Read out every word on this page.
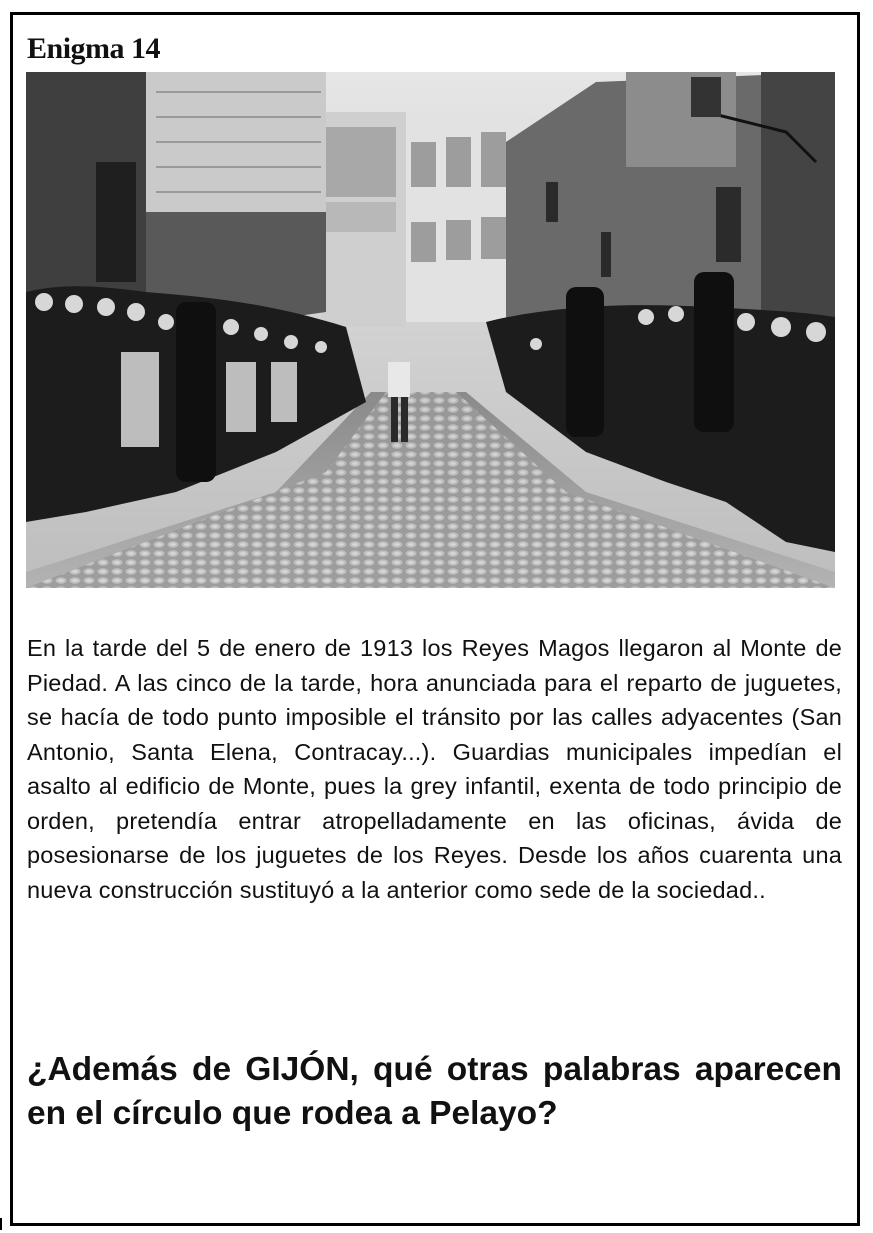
Enigma 14
En la tarde del 5 de enero de 1913 los Reyes Magos llegaron al Monte de Piedad. A las cinco de la tarde, hora anunciada para el reparto de juguetes, se hacía de todo punto imposible el tránsito por las calles adyacentes (San Antonio, Santa Elena, Contracay...). Guardias municipales impedían el asalto al edificio de Monte, pues la grey infantil, exenta de todo principio de orden, pretendía entrar atropelladamente en las oficinas, ávida de posesionarse de los juguetes de los Reyes. Desde los años cuarenta una nueva construcción sustituyó a la anterior como sede de la sociedad..
¿Además de GIJÓN, qué otras palabras aparecen en el círculo que rodea a Pelayo?
